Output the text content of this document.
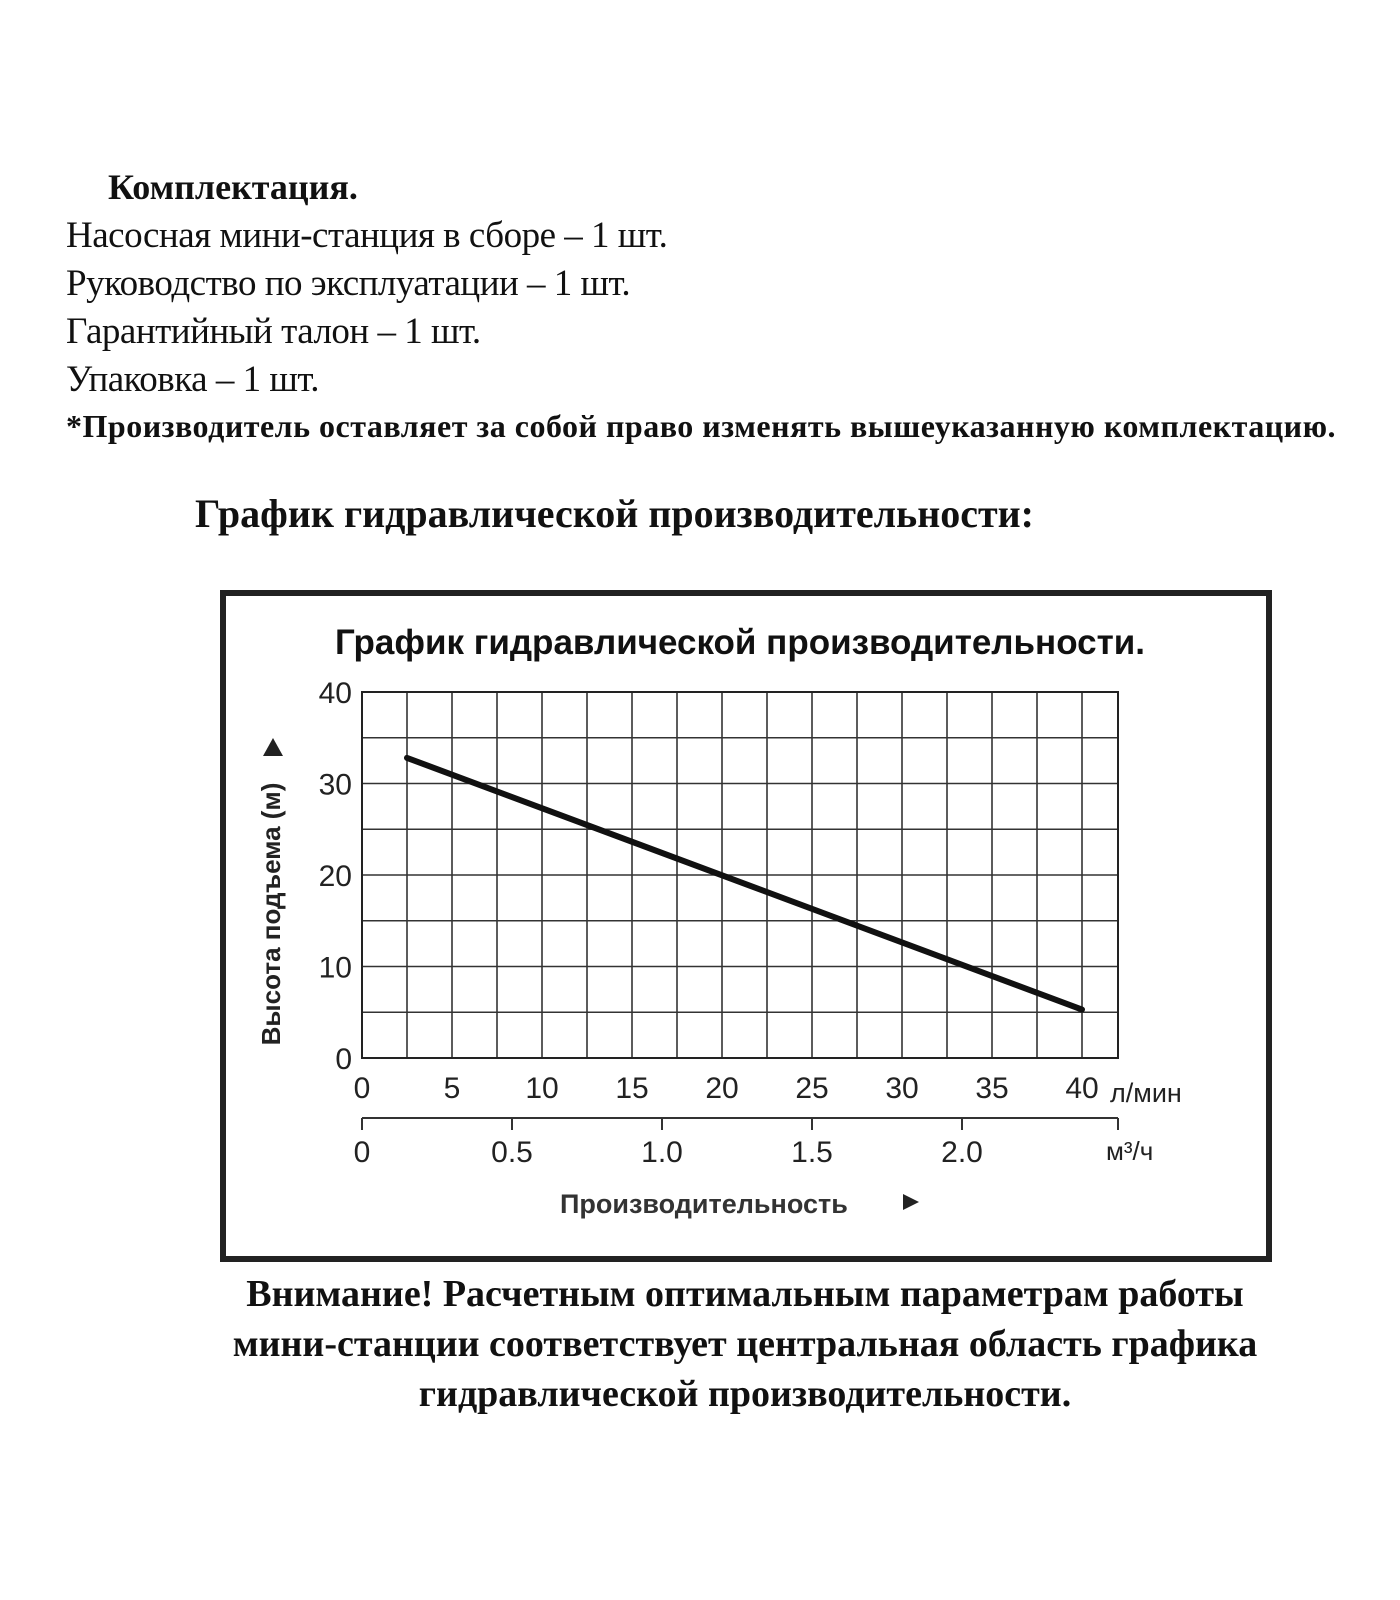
Комплектация.
Насосная мини-станция в сборе – 1 шт.
Руководство по эксплуатации – 1 шт.
Гарантийный талон – 1 шт.
Упаковка – 1 шт.
*Производитель оставляет за собой право изменять вышеуказанную комплектацию.
График гидравлической производительности:
График гидравлической производительности.
0
10
20
30
40
0 5 10 15 20 25 30 35 40 л/мин
0	0.5	1.0	1.5	2.0	м³/ч
Высота подъема (м)
Производительность
Внимание! Расчетным оптимальным параметрам работы
мини-станции соответствует центральная область графика
гидравлической производительности.
